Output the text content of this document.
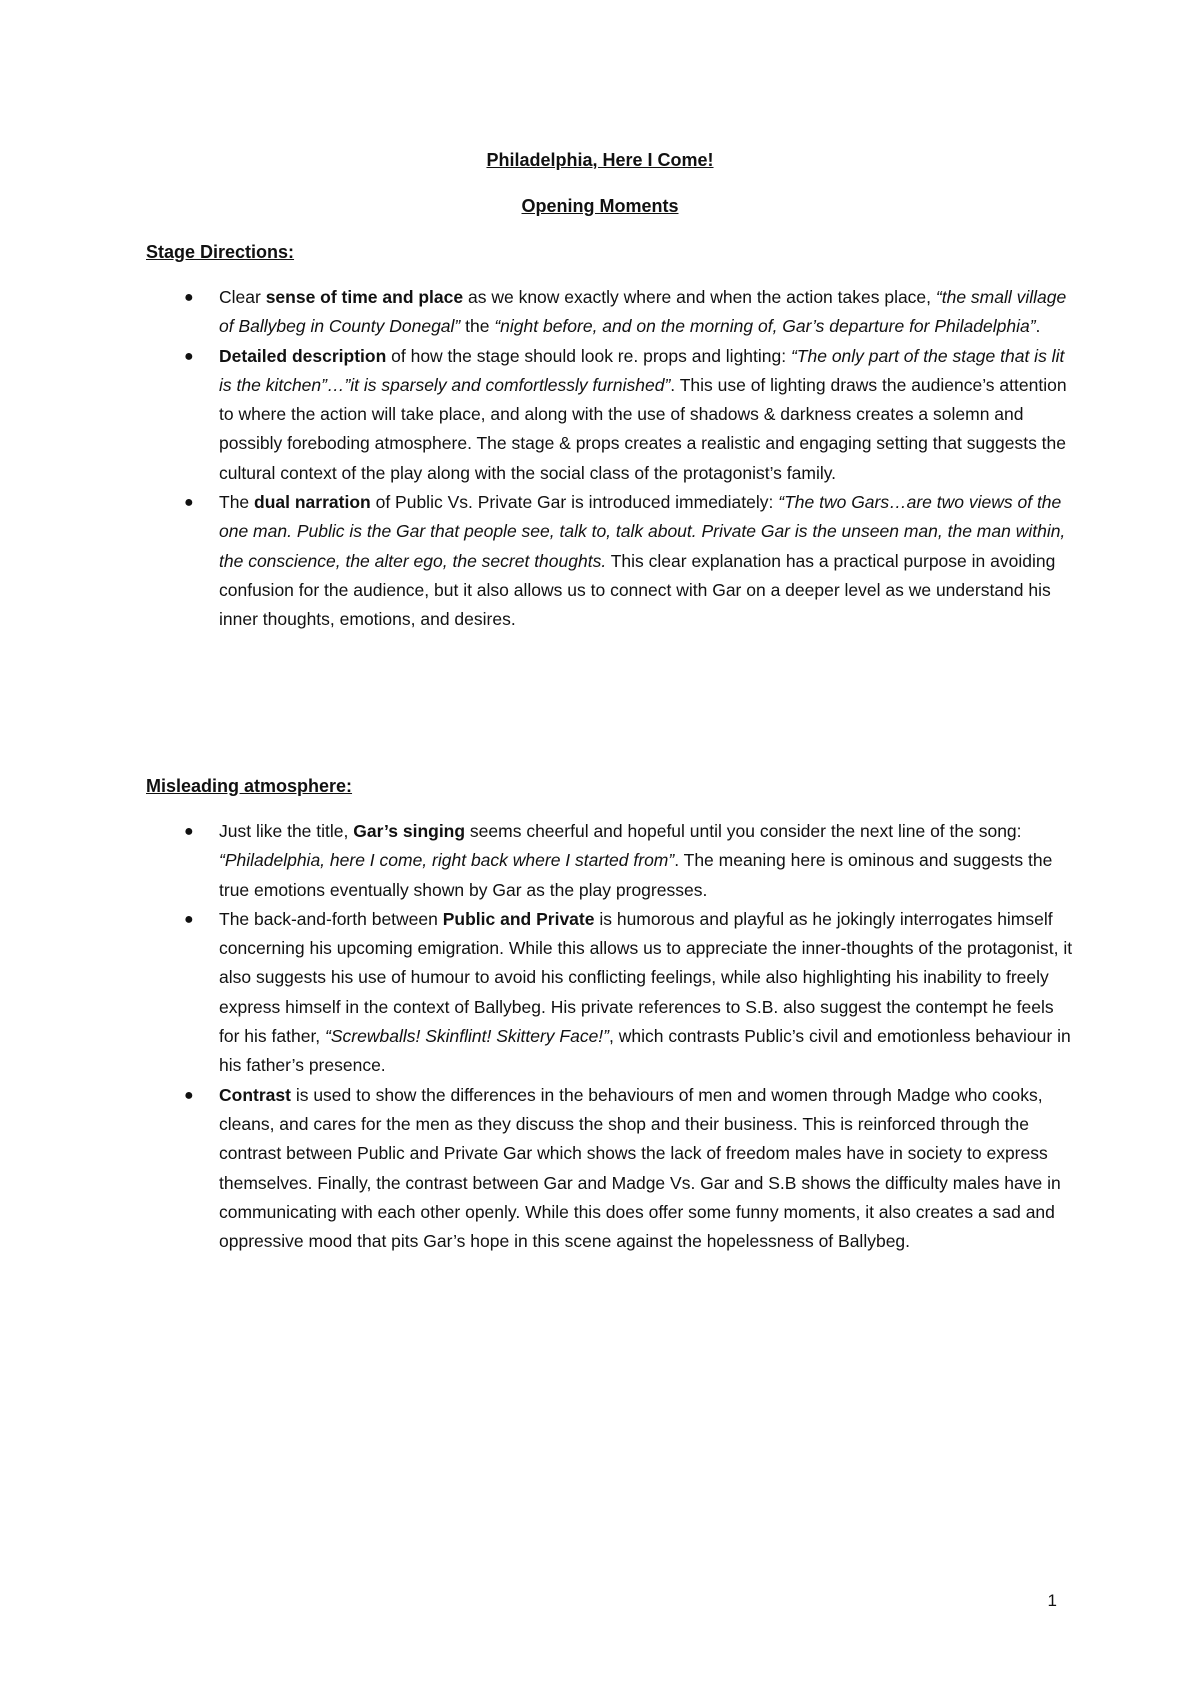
Philadelphia, Here I Come!
Opening Moments
Stage Directions:
● Clear sense of time and place as we know exactly where and when the action takes place, “the small village of Ballybeg in County Donegal” the “night before, and on the morning of, Gar’s departure for Philadelphia”.
● Detailed description of how the stage should look re. props and lighting: “The only part of the stage that is lit is the kitchen”…”it is sparsely and comfortlessly furnished”. This use of lighting draws the audience’s attention to where the action will take place, and along with the use of shadows & darkness creates a solemn and possibly foreboding atmosphere. The stage & props creates a realistic and engaging setting that suggests the cultural context of the play along with the social class of the protagonist’s family.
● The dual narration of Public Vs. Private Gar is introduced immediately: “The two Gars…are two views of the one man. Public is the Gar that people see, talk to, talk about. Private Gar is the unseen man, the man within, the conscience, the alter ego, the secret thoughts. This clear explanation has a practical purpose in avoiding confusion for the audience, but it also allows us to connect with Gar on a deeper level as we understand his inner thoughts, emotions, and desires.
Misleading atmosphere:
● Just like the title, Gar’s singing seems cheerful and hopeful until you consider the next line of the song: “Philadelphia, here I come, right back where I started from”. The meaning here is ominous and suggests the true emotions eventually shown by Gar as the play progresses.
● The back-and-forth between Public and Private is humorous and playful as he jokingly interrogates himself concerning his upcoming emigration. While this allows us to appreciate the inner-thoughts of the protagonist, it also suggests his use of humour to avoid his conflicting feelings, while also highlighting his inability to freely express himself in the context of Ballybeg. His private references to S.B. also suggest the contempt he feels for his father, “Screwballs! Skinflint! Skittery Face!”, which contrasts Public’s civil and emotionless behaviour in his father’s presence.
● Contrast is used to show the differences in the behaviours of men and women through Madge who cooks, cleans, and cares for the men as they discuss the shop and their business. This is reinforced through the contrast between Public and Private Gar which shows the lack of freedom males have in society to express themselves. Finally, the contrast between Gar and Madge Vs. Gar and S.B shows the difficulty males have in communicating with each other openly. While this does offer some funny moments, it also creates a sad and oppressive mood that pits Gar’s hope in this scene against the hopelessness of Ballybeg.
1
